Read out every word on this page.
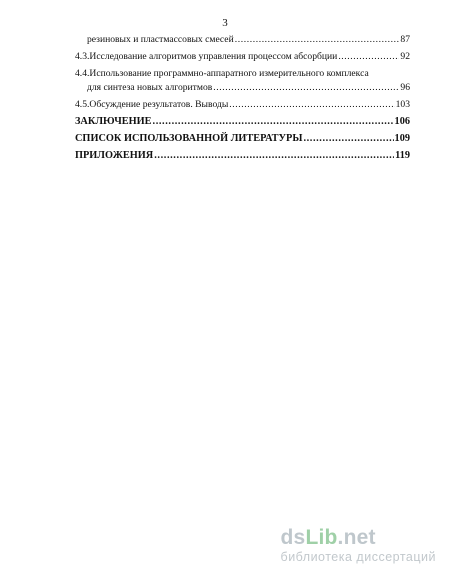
3
резиновых и пластмассовых смесей .....	87
4.3.Исследование алгоритмов управления процессом абсорбции .....	92
4.4.Использование программно-аппаратного измерительного комплекса
для синтеза новых алгоритмов .....	96
4.5.Обсуждение результатов. Выводы .....	103
ЗАКЛЮЧЕНИЕ .....	106
СПИСОК ИСПОЛЬЗОВАННОЙ ЛИТЕРАТУРЫ .....	109
ПРИЛОЖЕНИЯ .....	119
dsLib.net
библиотека диссертаций
